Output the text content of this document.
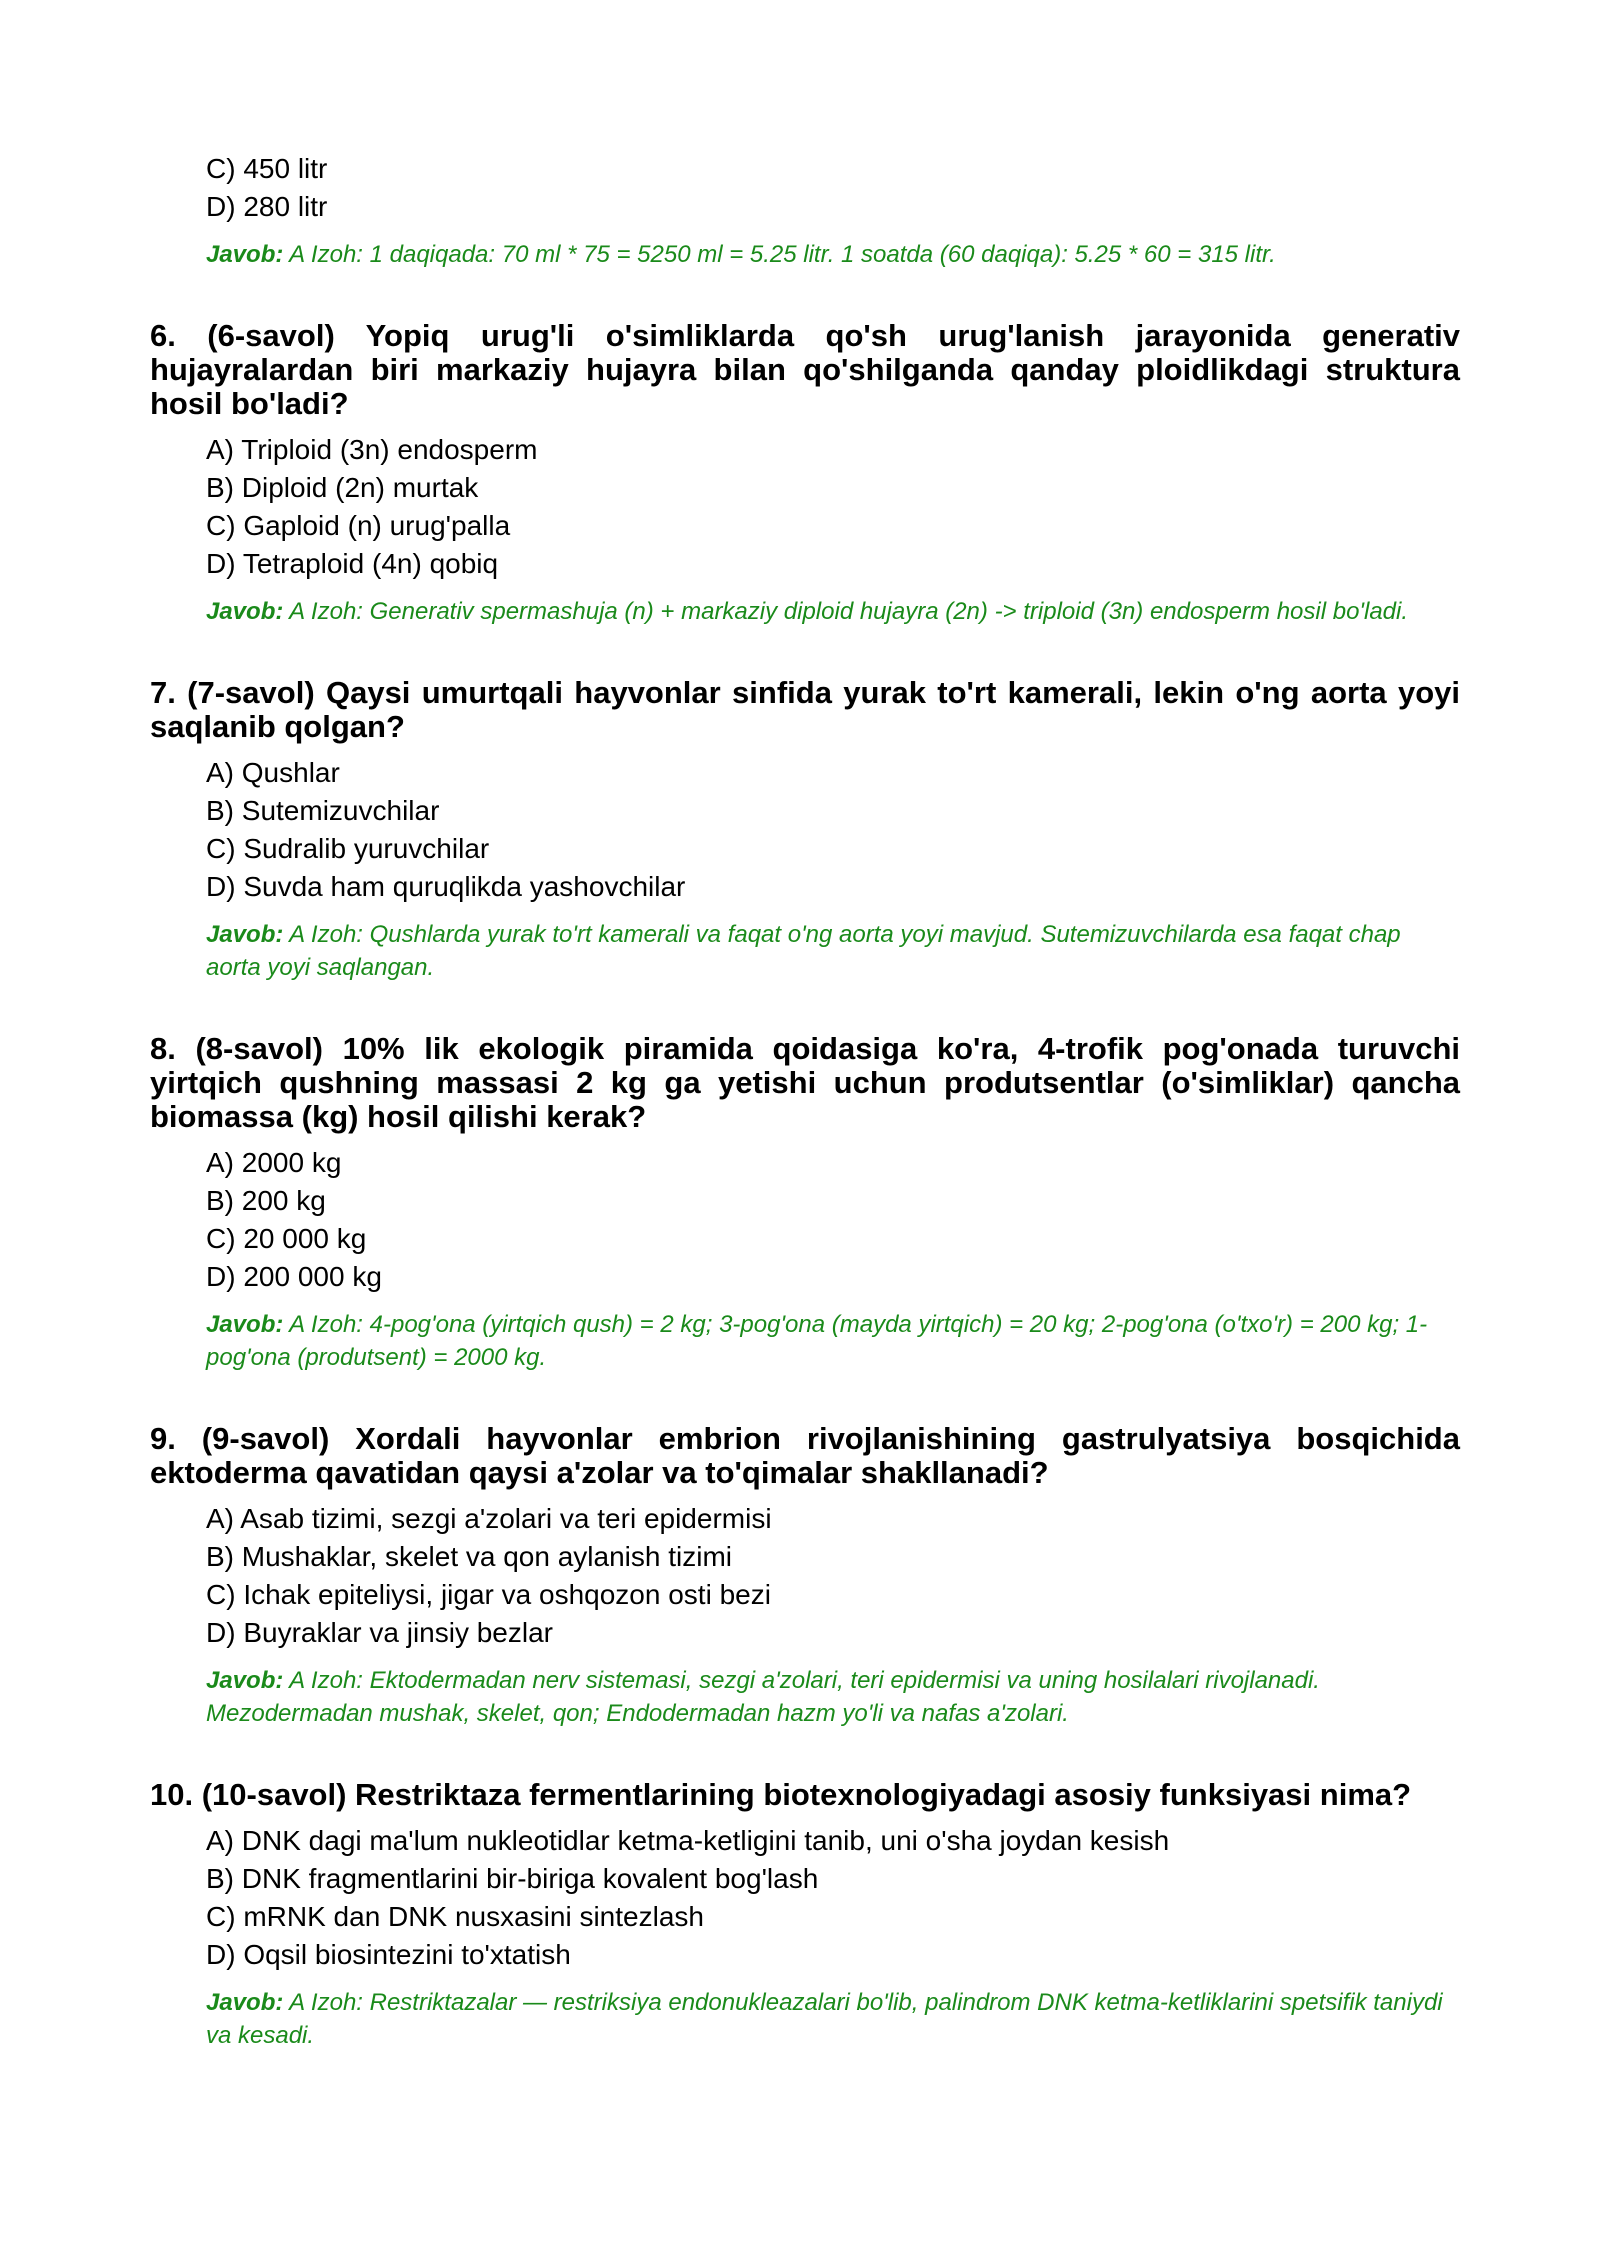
C) 450 litr
D) 280 litr
Javob: A Izoh: 1 daqiqada: 70 ml * 75 = 5250 ml = 5.25 litr. 1 soatda (60 daqiqa): 5.25 * 60 = 315 litr.
6. (6-savol) Yopiq urug'li o'simliklarda qo'sh urug'lanish jarayonida generativ hujayralardan biri markaziy hujayra bilan qo'shilganda qanday ploidlikdagi struktura hosil bo'ladi?
A) Triploid (3n) endosperm
B) Diploid (2n) murtak
C) Gaploid (n) urug'palla
D) Tetraploid (4n) qobiq
Javob: A Izoh: Generativ spermashuja (n) + markaziy diploid hujayra (2n) -> triploid (3n) endosperm hosil bo'ladi.
7. (7-savol) Qaysi umurtqali hayvonlar sinfida yurak to'rt kamerali, lekin o'ng aorta yoyi saqlanib qolgan?
A) Qushlar
B) Sutemizuvchilar
C) Sudralib yuruvchilar
D) Suvda ham quruqlikda yashovchilar
Javob: A Izoh: Qushlarda yurak to'rt kamerali va faqat o'ng aorta yoyi mavjud. Sutemizuvchilarda esa faqat chap aorta yoyi saqlangan.
8. (8-savol) 10% lik ekologik piramida qoidasiga ko'ra, 4-trofik pog'onada turuvchi yirtqich qushning massasi 2 kg ga yetishi uchun produtsentlar (o'simliklar) qancha biomassa (kg) hosil qilishi kerak?
A) 2000 kg
B) 200 kg
C) 20 000 kg
D) 200 000 kg
Javob: A Izoh: 4-pog'ona (yirtqich qush) = 2 kg; 3-pog'ona (mayda yirtqich) = 20 kg; 2-pog'ona (o'txo'r) = 200 kg; 1-pog'ona (produtsent) = 2000 kg.
9. (9-savol) Xordali hayvonlar embrion rivojlanishining gastrulyatsiya bosqichida ektoderma qavatidan qaysi a'zolar va to'qimalar shakllanadi?
A) Asab tizimi, sezgi a'zolari va teri epidermisi
B) Mushaklar, skelet va qon aylanish tizimi
C) Ichak epiteliysi, jigar va oshqozon osti bezi
D) Buyraklar va jinsiy bezlar
Javob: A Izoh: Ektodermadan nerv sistemasi, sezgi a'zolari, teri epidermisi va uning hosilalari rivojlanadi. Mezodermadan mushak, skelet, qon; Endodermadan hazm yo'li va nafas a'zolari.
10. (10-savol) Restriktaza fermentlarining biotexnologiyadagi asosiy funksiyasi nima?
A) DNK dagi ma'lum nukleotidlar ketma-ketligini tanib, uni o'sha joydan kesish
B) DNK fragmentlarini bir-biriga kovalent bog'lash
C) mRNK dan DNK nusxasini sintezlash
D) Oqsil biosintezini to'xtatish
Javob: A Izoh: Restriktazalar — restriksiya endonukleazalari bo'lib, palindrom DNK ketma-ketliklarini spetsifik taniydi va kesadi.
